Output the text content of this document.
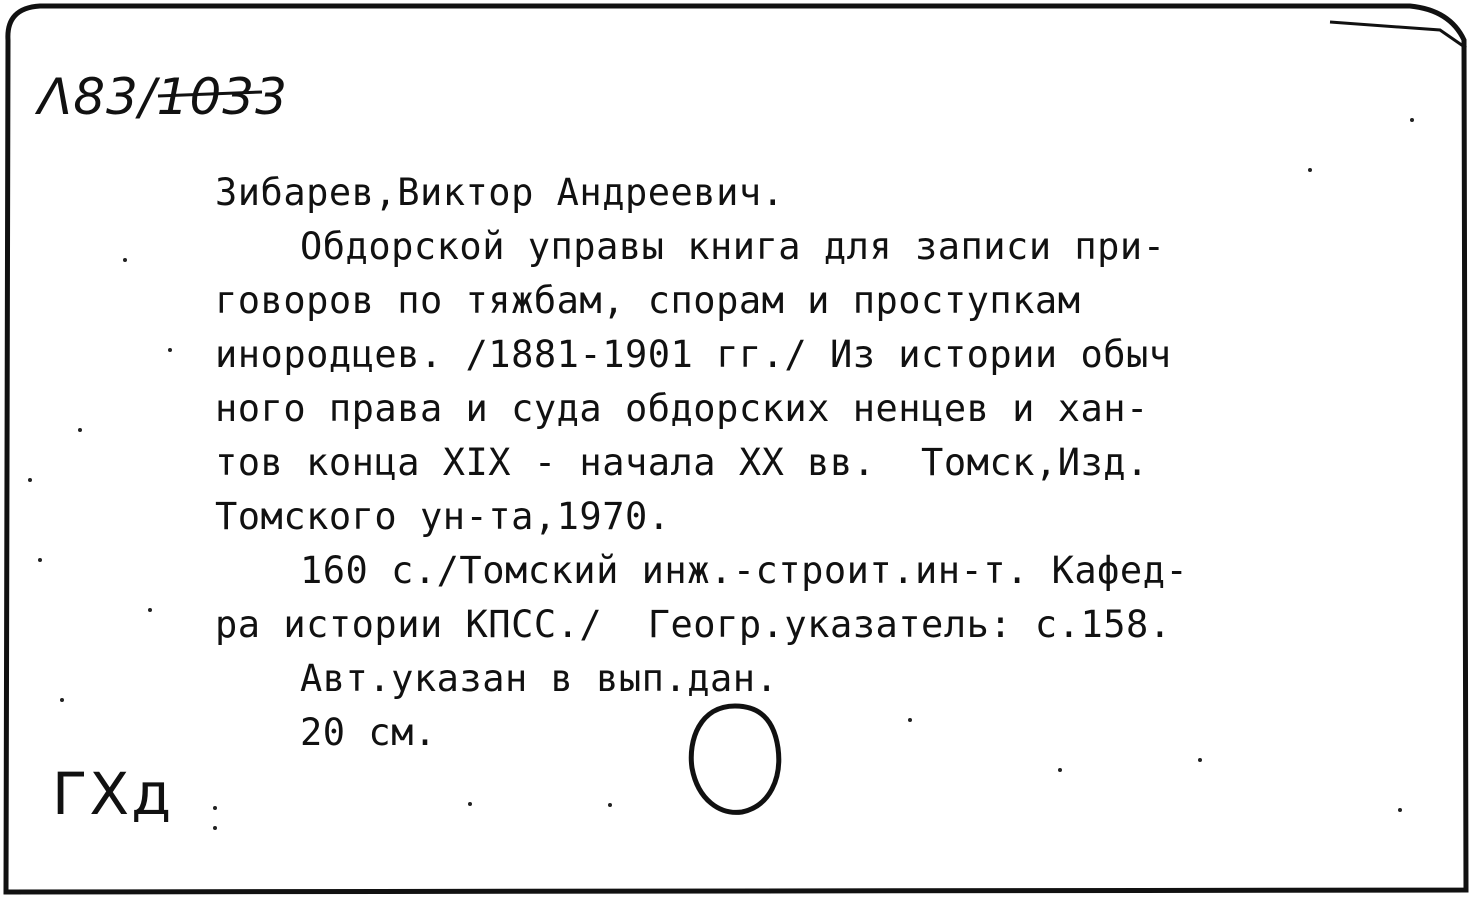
Λ83/1033
ГХд
Зибарев,Виктор Андреевич.
Обдорской управы книга для записи при-
говоров по тяжбам, спорам и проступкам
инородцев. /1881-1901 гг./ Из истории обыч
ного права и суда обдорских ненцев и хан-
тов конца XIX - начала XX вв.  Томск,Изд.
Томского ун-та,1970.
160 с./Томский инж.-строит.ин-т. Кафед-
ра истории КПСС./  Геогр.указатель: с.158.
Авт.указан в вып.дан.
20 см.
